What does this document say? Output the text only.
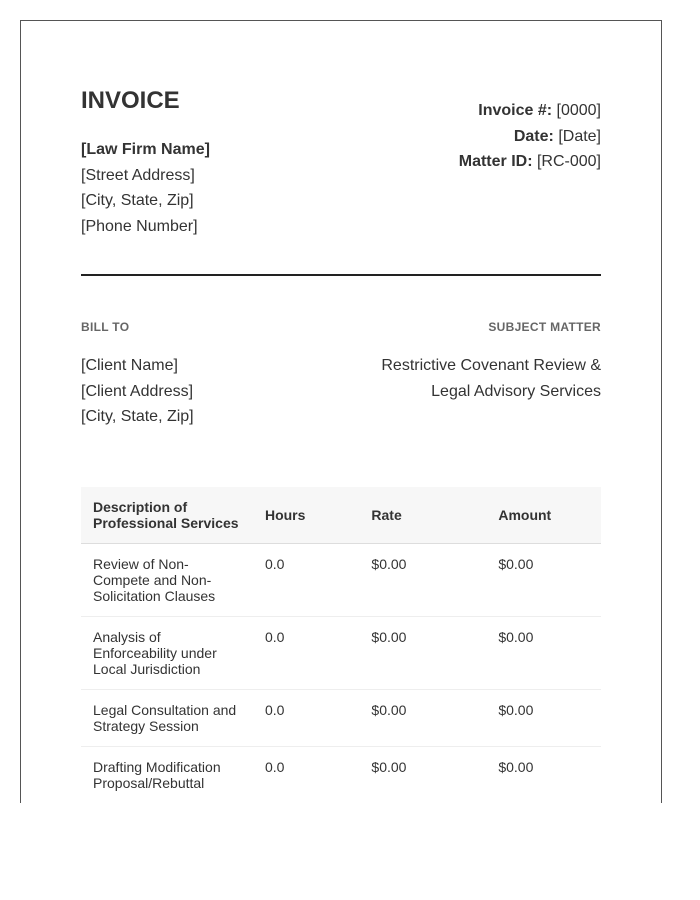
INVOICE
[Law Firm Name]
[Street Address]
[City, State, Zip]
[Phone Number]
Invoice #: [0000]
Date: [Date]
Matter ID: [RC-000]
BILL TO	SUBJECT MATTER
[Client Name]
[Client Address]
[City, State, Zip]
Restrictive Covenant Review &
Legal Advisory Services
Description of Professional Services	Hours	Rate	Amount
Review of Non-Compete and Non-Solicitation Clauses	0.0	$0.00	$0.00
Analysis of Enforceability under Local Jurisdiction	0.0	$0.00	$0.00
Legal Consultation and Strategy Session	0.0	$0.00	$0.00
Drafting Modification Proposal/Rebuttal	0.0	$0.00	$0.00
